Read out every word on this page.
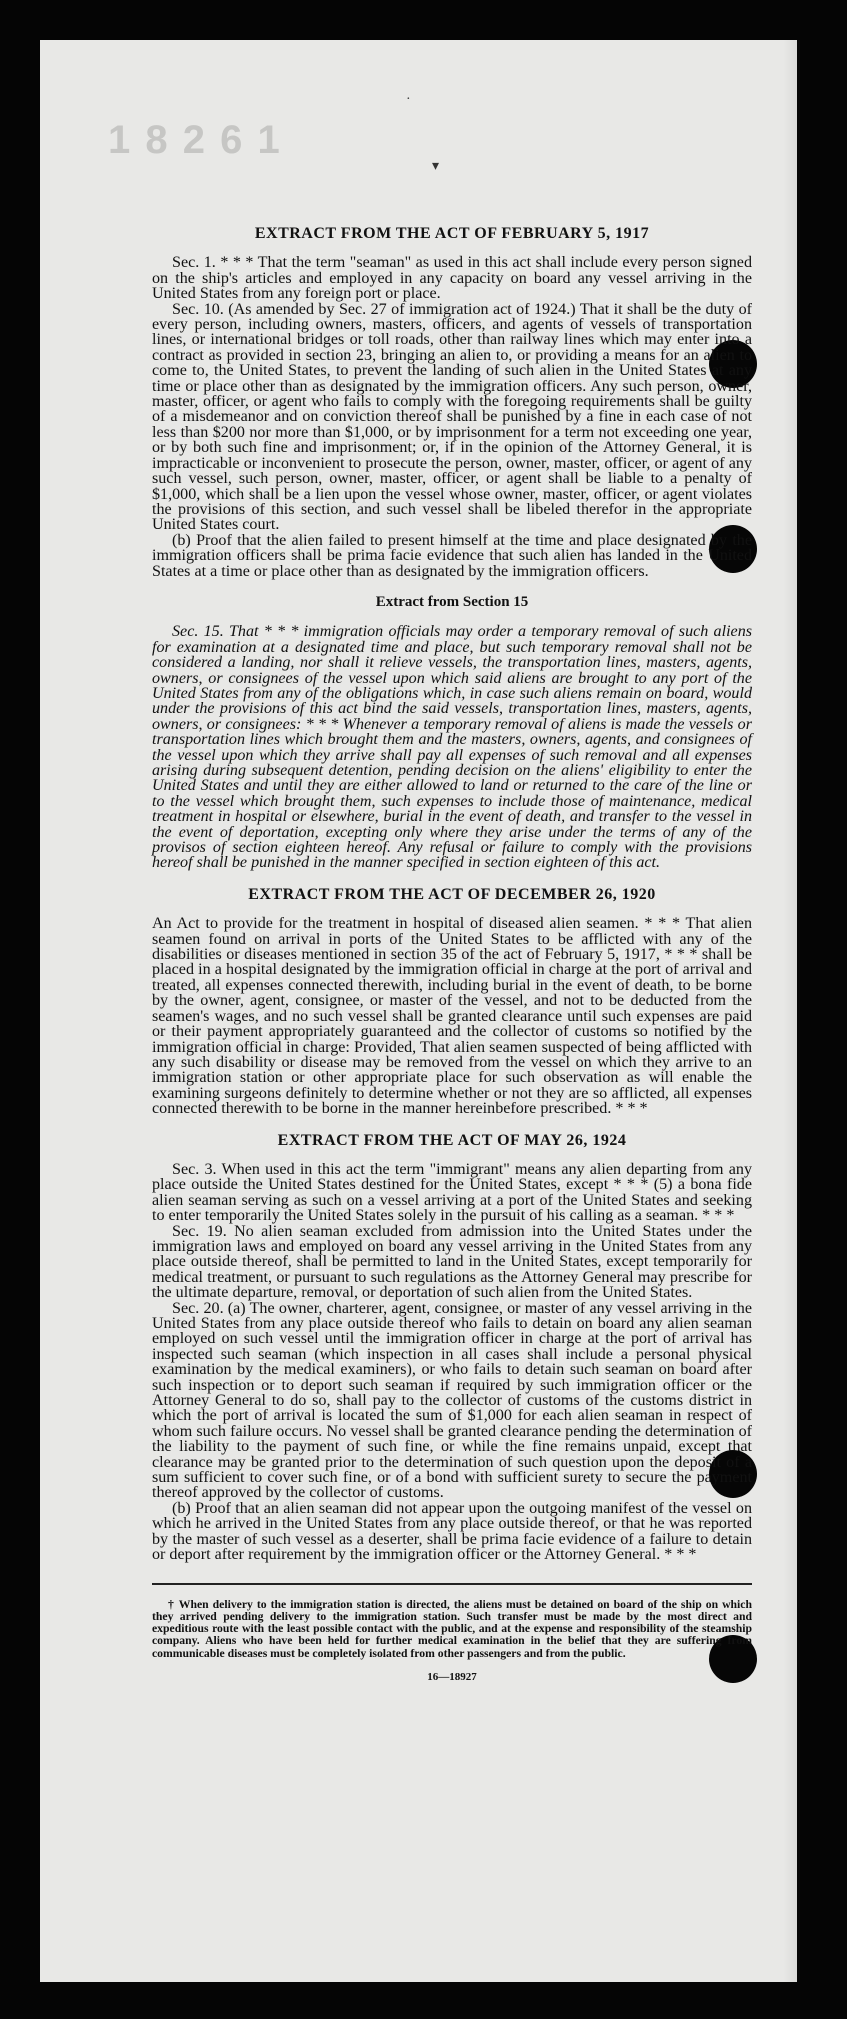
1 8 2 6 1
·
▾
EXTRACT FROM THE ACT OF FEBRUARY 5, 1917

Sec. 1. * * * That the term "seaman" as used in this act shall include every person signed on the ship's articles and employed in any capacity on board any vessel arriving in the United States from any foreign port or place.

Sec. 10. (As amended by Sec. 27 of immigration act of 1924.) That it shall be the duty of every person, including owners, masters, officers, and agents of vessels of transportation lines, or international bridges or toll roads, other than railway lines which may enter into a contract as provided in section 23, bringing an alien to, or providing a means for an alien to come to, the United States, to prevent the landing of such alien in the United States at any time or place other than as designated by the immigration officers. Any such person, owner, master, officer, or agent who fails to comply with the foregoing requirements shall be guilty of a misdemeanor and on conviction thereof shall be punished by a fine in each case of not less than $200 nor more than $1,000, or by imprisonment for a term not exceeding one year, or by both such fine and imprisonment; or, if in the opinion of the Attorney General, it is impracticable or inconvenient to prosecute the person, owner, master, officer, or agent of any such vessel, such person, owner, master, officer, or agent shall be liable to a penalty of $1,000, which shall be a lien upon the vessel whose owner, master, officer, or agent violates the provisions of this section, and such vessel shall be libeled therefor in the appropriate United States court.

(b) Proof that the alien failed to present himself at the time and place designated by the immigration officers shall be prima facie evidence that such alien has landed in the United States at a time or place other than as designated by the immigration officers.

Extract from Section 15

Sec. 15. That * * * immigration officials may order a temporary removal of such aliens for examination at a designated time and place, but such temporary removal shall not be considered a landing, nor shall it relieve vessels, the transportation lines, masters, agents, owners, or consignees of the vessel upon which said aliens are brought to any port of the United States from any of the obligations which, in case such aliens remain on board, would under the provisions of this act bind the said vessels, transportation lines, masters, agents, owners, or consignees: * * * Whenever a temporary removal of aliens is made the vessels or transportation lines which brought them and the masters, owners, agents, and consignees of the vessel upon which they arrive shall pay all expenses of such removal and all expenses arising during subsequent detention, pending decision on the aliens' eligibility to enter the United States and until they are either allowed to land or returned to the care of the line or to the vessel which brought them, such expenses to include those of maintenance, medical treatment in hospital or elsewhere, burial in the event of death, and transfer to the vessel in the event of deportation, excepting only where they arise under the terms of any of the provisos of section eighteen hereof. Any refusal or failure to comply with the provisions hereof shall be punished in the manner specified in section eighteen of this act.

EXTRACT FROM THE ACT OF DECEMBER 26, 1920

An Act to provide for the treatment in hospital of diseased alien seamen. * * * That alien seamen found on arrival in ports of the United States to be afflicted with any of the disabilities or diseases mentioned in section 35 of the act of February 5, 1917, * * * shall be placed in a hospital designated by the immigration official in charge at the port of arrival and treated, all expenses connected therewith, including burial in the event of death, to be borne by the owner, agent, consignee, or master of the vessel, and not to be deducted from the seamen's wages, and no such vessel shall be granted clearance until such expenses are paid or their payment appropriately guaranteed and the collector of customs so notified by the immigration official in charge: Provided, That alien seamen suspected of being afflicted with any such disability or disease may be removed from the vessel on which they arrive to an immigration station or other appropriate place for such observation as will enable the examining surgeons definitely to determine whether or not they are so afflicted, all expenses connected therewith to be borne in the manner hereinbefore prescribed. * * *

EXTRACT FROM THE ACT OF MAY 26, 1924

Sec. 3. When used in this act the term "immigrant" means any alien departing from any place outside the United States destined for the United States, except * * * (5) a bona fide alien seaman serving as such on a vessel arriving at a port of the United States and seeking to enter temporarily the United States solely in the pursuit of his calling as a seaman. * * *

Sec. 19. No alien seaman excluded from admission into the United States under the immigration laws and employed on board any vessel arriving in the United States from any place outside thereof, shall be permitted to land in the United States, except temporarily for medical treatment, or pursuant to such regulations as the Attorney General may prescribe for the ultimate departure, removal, or deportation of such alien from the United States.

Sec. 20. (a) The owner, charterer, agent, consignee, or master of any vessel arriving in the United States from any place outside thereof who fails to detain on board any alien seaman employed on such vessel until the immigration officer in charge at the port of arrival has inspected such seaman (which inspection in all cases shall include a personal physical examination by the medical examiners), or who fails to detain such seaman on board after such inspection or to deport such seaman if required by such immigration officer or the Attorney General to do so, shall pay to the collector of customs of the customs district in which the port of arrival is located the sum of $1,000 for each alien seaman in respect of whom such failure occurs. No vessel shall be granted clearance pending the determination of the liability to the payment of such fine, or while the fine remains unpaid, except that clearance may be granted prior to the determination of such question upon the deposit of a sum sufficient to cover such fine, or of a bond with sufficient surety to secure the payment thereof approved by the collector of customs.

(b) Proof that an alien seaman did not appear upon the outgoing manifest of the vessel on which he arrived in the United States from any place outside thereof, or that he was reported by the master of such vessel as a deserter, shall be prima facie evidence of a failure to detain or deport after requirement by the immigration officer or the Attorney General. * * *

† When delivery to the immigration station is directed, the aliens must be detained on board of the ship on which they arrived pending delivery to the immigration station. Such transfer must be made by the most direct and expeditious route with the least possible contact with the public, and at the expense and responsibility of the steamship company. Aliens who have been held for further medical examination in the belief that they are suffering from communicable diseases must be completely isolated from other passengers and from the public.

16—18927
